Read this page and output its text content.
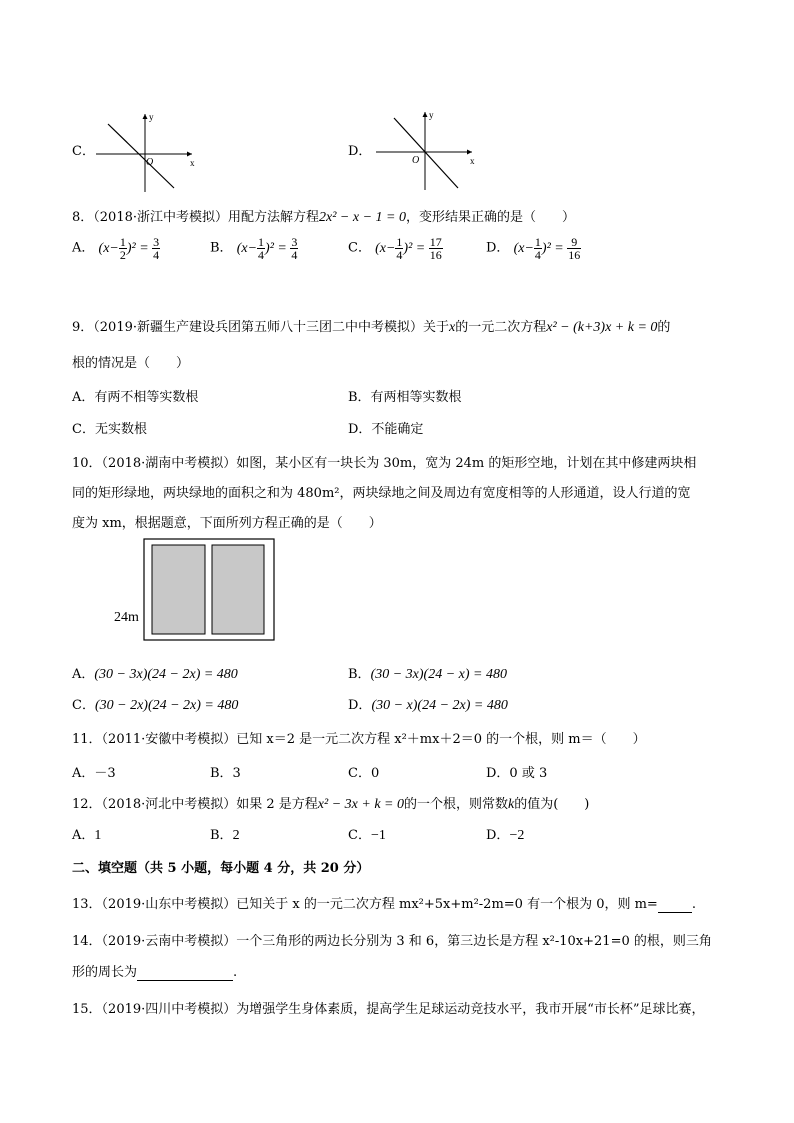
C．
y
x
O
D．
y
x
O
8．（2018·浙江中考模拟）用配方法解方程2x² − x − 1 = 0，变形结果正确的是（　　）
A． $(x- \frac{1}{2} )^2 = \frac{3}{4}$	B． $(x- \frac{1}{4} )^2 = \frac{3}{4}$	C． $(x- \frac{1}{4} )^2 = \frac{17}{16}$	D． $(x- \frac{1}{4} )^2 = \frac{9}{16}$
9．（2019·新疆生产建设兵团第五师八十三团二中中考模拟）关于x的一元二次方程x² − (k+3)x + k = 0的
根的情况是（　　）
A．有两不相等实数根	B．有两相等实数根
C．无实数根	D．不能确定
10．（2018·湖南中考模拟）如图，某小区有一块长为 30m，宽为 24m 的矩形空地，计划在其中修建两块相
同的矩形绿地，两块绿地的面积之和为 480m²，两块绿地之间及周边有宽度相等的人形通道，设人行道的宽
度为 xm，根据题意，下面所列方程正确的是（　　）
24m
A．(30 − 3x)(24 − 2x) = 480	B．(30 − 3x)(24 − x) = 480
C．(30 − 2x)(24 − 2x) = 480	D．(30 − x)(24 − 2x) = 480
11．（2011·安徽中考模拟）已知 x＝2 是一元二次方程 x²＋mx＋2＝0 的一个根，则 m＝（　　）
A．－3	B．3	C．0	D．0 或 3
12．（2018·河北中考模拟）如果 2 是方程x² − 3x + k = 0的一个根，则常数k的值为(　　)
A．1	B．2	C．−1	D．−2
二、填空题（共 5 小题，每小题 4 分，共 20 分）
13．（2019·山东中考模拟）已知关于 x 的一元二次方程 mx²+5x+m²-2m=0 有一个根为 0，则 m=	.
14．（2019·云南中考模拟）一个三角形的两边长分别为 3 和 6，第三边长是方程 x²-10x+21=0 的根，则三角
形的周长为	.
15．（2019·四川中考模拟）为增强学生身体素质，提高学生足球运动竞技水平，我市开展“市长杯”足球比赛，
